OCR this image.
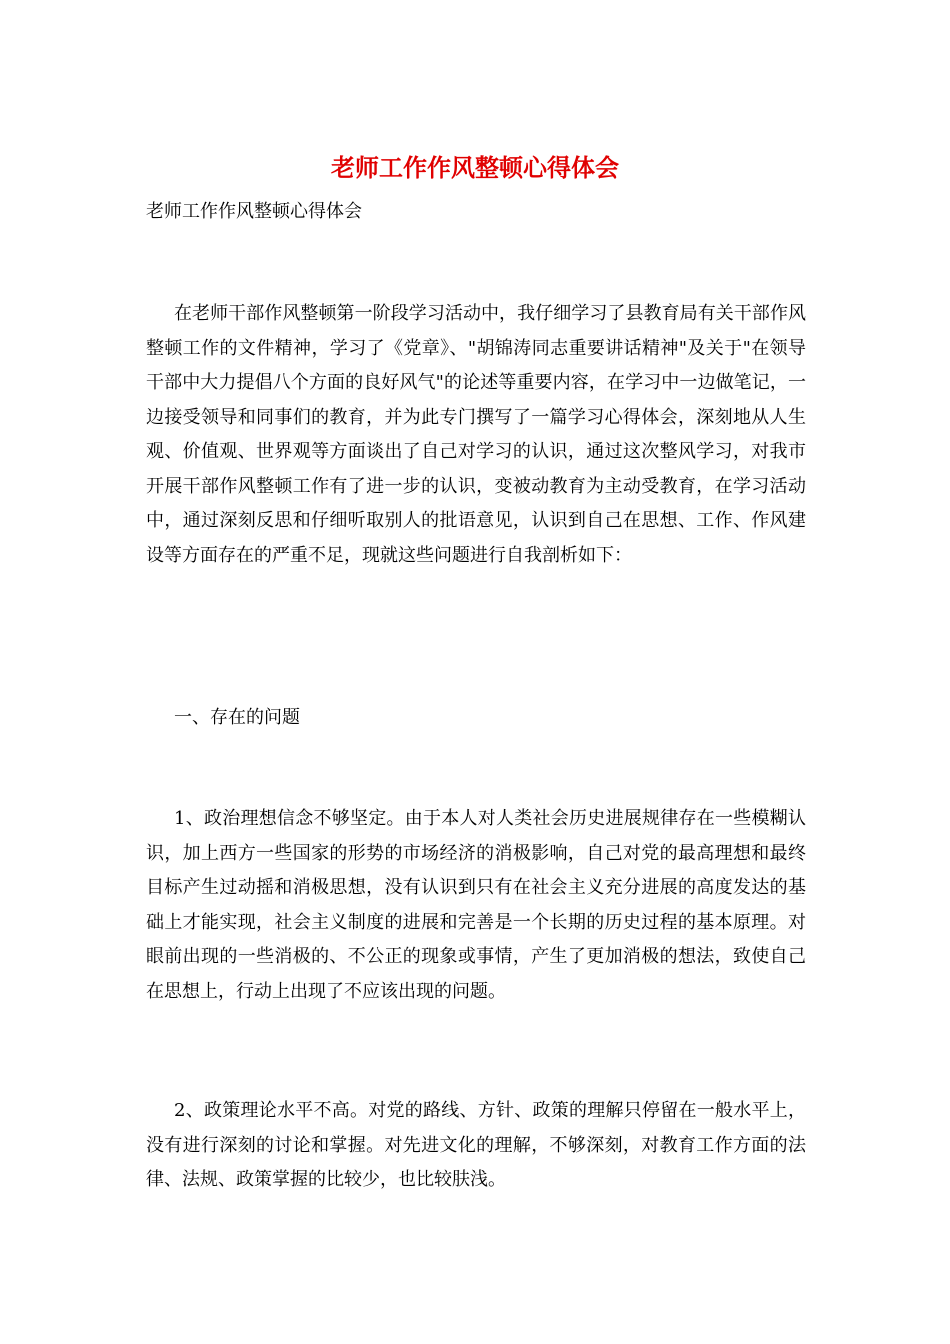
老师工作作风整顿心得体会

老师工作作风整顿心得体会

在老师干部作风整顿第一阶段学习活动中，我仔细学习了县教育局有关干部作风整顿工作的文件精神，学习了《党章》、"胡锦涛同志重要讲话精神"及关于"在领导干部中大力提倡八个方面的良好风气"的论述等重要内容，在学习中一边做笔记，一边接受领导和同事们的教育，并为此专门撰写了一篇学习心得体会，深刻地从人生观、价值观、世界观等方面谈出了自己对学习的认识，通过这次整风学习，对我市开展干部作风整顿工作有了进一步的认识，变被动教育为主动受教育，在学习活动中，通过深刻反思和仔细听取别人的批语意见，认识到自己在思想、工作、作风建设等方面存在的严重不足，现就这些问题进行自我剖析如下：

一、存在的问题

1、政治理想信念不够坚定。由于本人对人类社会历史进展规律存在一些模糊认识，加上西方一些国家的形势的市场经济的消极影响，自己对党的最高理想和最终目标产生过动摇和消极思想，没有认识到只有在社会主义充分进展的高度发达的基础上才能实现，社会主义制度的进展和完善是一个长期的历史过程的基本原理。对眼前出现的一些消极的、不公正的现象或事情，产生了更加消极的想法，致使自己在思想上，行动上出现了不应该出现的问题。

2、政策理论水平不高。对党的路线、方针、政策的理解只停留在一般水平上，没有进行深刻的讨论和掌握。对先进文化的理解，不够深刻，对教育工作方面的法律、法规、政策掌握的比较少，也比较肤浅。
